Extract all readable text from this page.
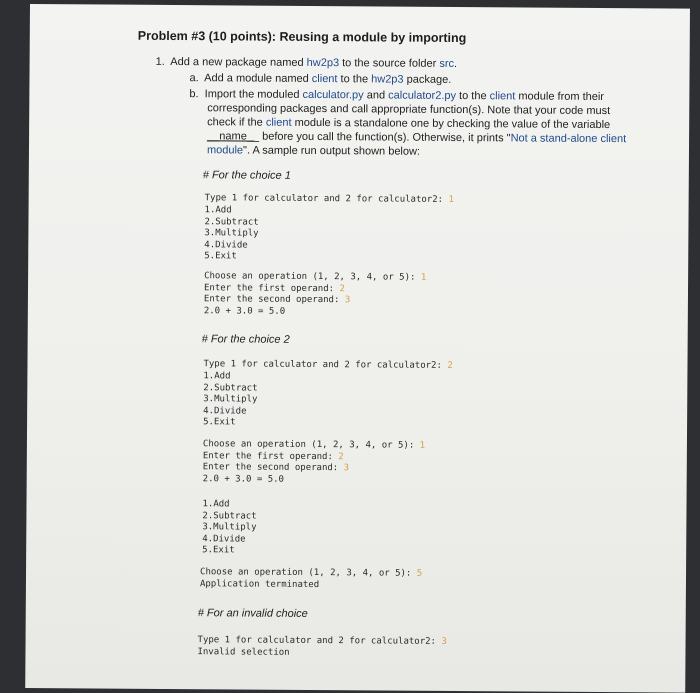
Problem #3 (10 points): Reusing a module by importing
1. Add a new package named hw2p3 to the source folder src.
a. Add a module named client to the hw2p3 package.
b. Import the moduled calculator.py and calculator2.py to the client module from their
corresponding packages and call appropriate function(s). Note that your code must
check if the client module is a standalone one by checking the value of the variable
__name__ before you call the function(s). Otherwise, it prints "Not a stand-alone client
module". A sample run output shown below:
# For the choice 1
Type 1 for calculator and 2 for calculator2: 1
1.Add
2.Subtract
3.Multiply
4.Divide
5.Exit
Choose an operation (1, 2, 3, 4, or 5): 1
Enter the first operand: 2
Enter the second operand: 3
2.0 + 3.0 = 5.0
# For the choice 2
Type 1 for calculator and 2 for calculator2: 2
1.Add
2.Subtract
3.Multiply
4.Divide
5.Exit
Choose an operation (1, 2, 3, 4, or 5): 1
Enter the first operand: 2
Enter the second operand: 3
2.0 + 3.0 = 5.0
1.Add
2.Subtract
3.Multiply
4.Divide
5.Exit
Choose an operation (1, 2, 3, 4, or 5): 5
Application terminated
# For an invalid choice
Type 1 for calculator and 2 for calculator2: 3
Invalid selection
